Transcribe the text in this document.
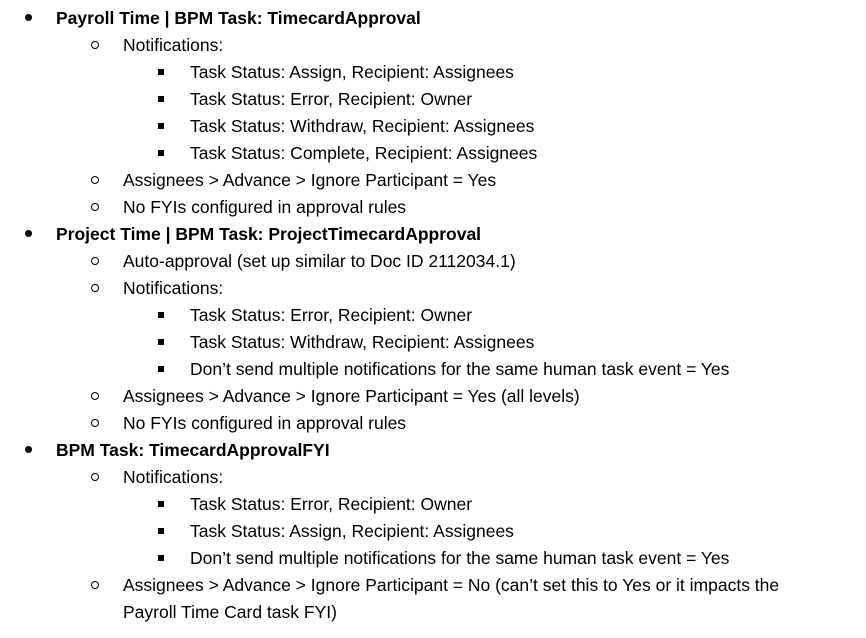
Payroll Time | BPM Task: TimecardApproval
Notifications:
Task Status: Assign, Recipient: Assignees
Task Status: Error, Recipient: Owner
Task Status: Withdraw, Recipient: Assignees
Task Status: Complete, Recipient: Assignees
Assignees > Advance > Ignore Participant = Yes
No FYIs configured in approval rules
Project Time | BPM Task: ProjectTimecardApproval
Auto-approval (set up similar to Doc ID 2112034.1)
Notifications:
Task Status: Error, Recipient: Owner
Task Status: Withdraw, Recipient: Assignees
Don’t send multiple notifications for the same human task event = Yes
Assignees > Advance > Ignore Participant = Yes (all levels)
No FYIs configured in approval rules
BPM Task: TimecardApprovalFYI
Notifications:
Task Status: Error, Recipient: Owner
Task Status: Assign, Recipient: Assignees
Don’t send multiple notifications for the same human task event = Yes
Assignees > Advance > Ignore Participant = No (can’t set this to Yes or it impacts the Payroll Time Card task FYI)
